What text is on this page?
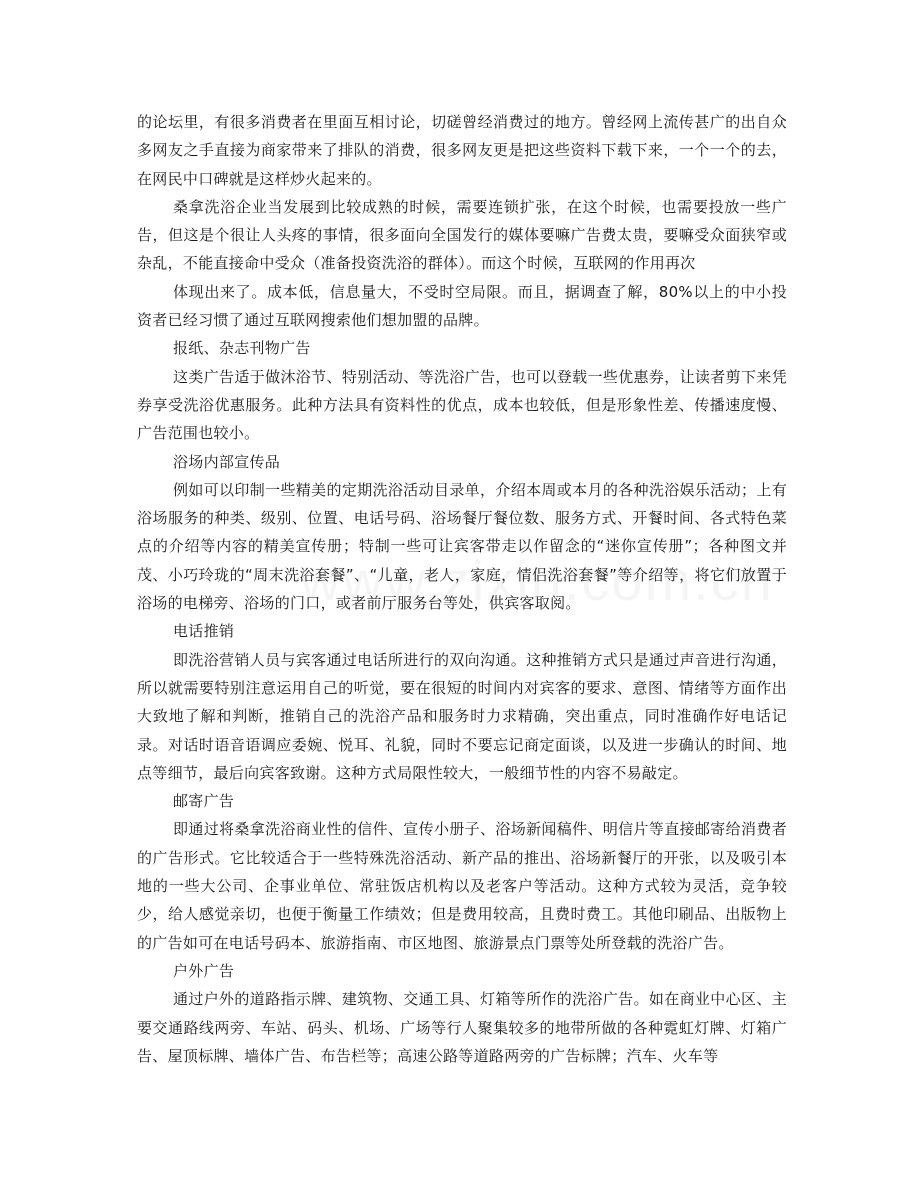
的论坛里，有很多消费者在里面互相讨论，切磋曾经消费过的地方。曾经网上流传甚广的出自众多网友之手直接为商家带来了排队的消费，很多网友更是把这些资料下载下来，一个一个的去，在网民中口碑就是这样炒火起来的。

桑拿洗浴企业当发展到比较成熟的时候，需要连锁扩张，在这个时候，也需要投放一些广告，但这是个很让人头疼的事情，很多面向全国发行的媒体要嘛广告费太贵，要嘛受众面狭窄或杂乱，不能直接命中受众（准备投资洗浴的群体）。而这个时候，互联网的作用再次

体现出来了。成本低，信息量大，不受时空局限。而且，据调查了解，80%以上的中小投资者已经习惯了通过互联网搜索他们想加盟的品牌。

报纸、杂志刊物广告

这类广告适于做沐浴节、特别活动、等洗浴广告，也可以登载一些优惠券，让读者剪下来凭券享受洗浴优惠服务。此种方法具有资料性的优点，成本也较低，但是形象性差、传播速度慢、广告范围也较小。

浴场内部宣传品

例如可以印制一些精美的定期洗浴活动目录单，介绍本周或本月的各种洗浴娱乐活动；上有浴场服务的种类、级别、位置、电话号码、浴场餐厅餐位数、服务方式、开餐时间、各式特色菜点的介绍等内容的精美宣传册；特制一些可让宾客带走以作留念的“迷你宣传册”；各种图文并茂、小巧玲珑的“周末洗浴套餐”、“儿童，老人，家庭，情侣洗浴套餐”等介绍等，将它们放置于浴场的电梯旁、浴场的门口，或者前厅服务台等处，供宾客取阅。

电话推销

即洗浴营销人员与宾客通过电话所进行的双向沟通。这种推销方式只是通过声音进行沟通，所以就需要特别注意运用自己的听觉，要在很短的时间内对宾客的要求、意图、情绪等方面作出大致地了解和判断，推销自己的洗浴产品和服务时力求精确，突出重点，同时准确作好电话记录。对话时语音语调应委婉、悦耳、礼貌，同时不要忘记商定面谈，以及进一步确认的时间、地点等细节，最后向宾客致谢。这种方式局限性较大，一般细节性的内容不易敲定。

邮寄广告

即通过将桑拿洗浴商业性的信件、宣传小册子、浴场新闻稿件、明信片等直接邮寄给消费者的广告形式。它比较适合于一些特殊洗浴活动、新产品的推出、浴场新餐厅的开张，以及吸引本地的一些大公司、企事业单位、常驻饭店机构以及老客户等活动。这种方式较为灵活，竞争较少，给人感觉亲切，也便于衡量工作绩效；但是费用较高，且费时费工。其他印刷品、出版物上的广告如可在电话号码本、旅游指南、市区地图、旅游景点门票等处所登载的洗浴广告。

户外广告

通过户外的道路指示牌、建筑物、交通工具、灯箱等所作的洗浴广告。如在商业中心区、主要交通路线两旁、车站、码头、机场、广场等行人聚集较多的地带所做的各种霓虹灯牌、灯箱广告、屋顶标牌、墙体广告、布告栏等；高速公路等道路两旁的广告标牌；汽车、火车等
